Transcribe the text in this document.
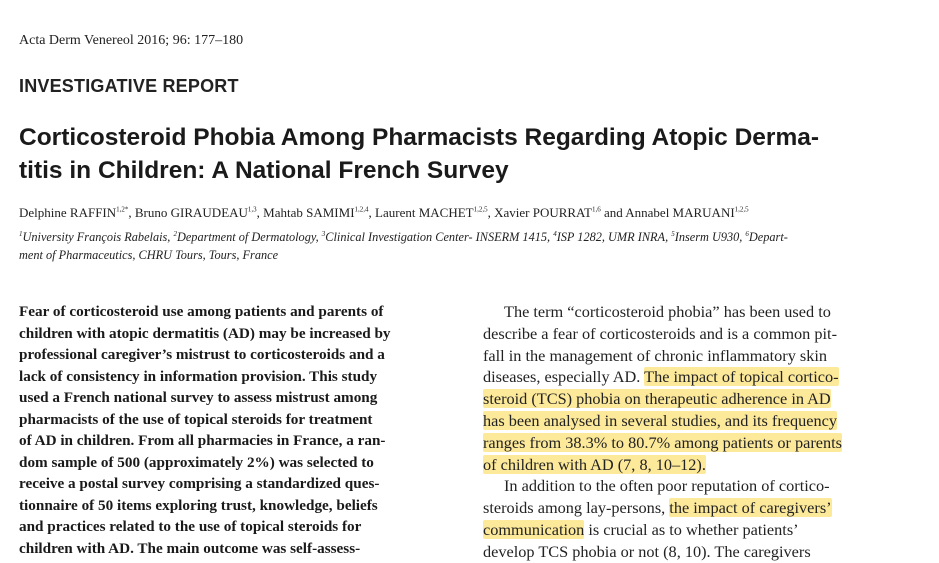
Acta Derm Venereol 2016; 96: 177–180
INVESTIGATIVE REPORT
Corticosteroid Phobia Among Pharmacists Regarding Atopic Derma-
titis in Children: A National French Survey
Delphine $RAFFIN^{1,2*}$, Bruno GIRAUDEAU$^{1,3}$, Mahtab SAMIMI$^{1,2,4}$, Laurent MACHET$^{1,2,5}$, Xavier POURRAT$^{1,6}$ and Annabel MARUANI$^{1,2,5}$
$^1$University François Rabelais, $^2$Department of Dermatology, $^3$Clinical Investigation Center- INSERM 1415, $^4$ISP 1282, UMR INRA, $^5$Inserm U930, $^6$Depart-
ment of Pharmaceutics, CHRU Tours, Tours, France
Fear of corticosteroid use among patients and parents of
children with atopic dermatitis (AD) may be increased by
professional caregiver’s mistrust to corticosteroids and a
lack of consistency in information provision. This study
used a French national survey to assess mistrust among
pharmacists of the use of topical steroids for treatment
of AD in children. From all pharmacies in France, a ran-
dom sample of 500 (approximately 2%) was selected to
receive a postal survey comprising a standardized ques-
tionnaire of 50 items exploring trust, knowledge, beliefs
and practices related to the use of topical steroids for
children with AD. The main outcome was self-assess-
The term “corticosteroid phobia” has been used to
describe a fear of corticosteroids and is a common pit-
fall in the management of chronic inflammatory skin
diseases, especially AD. The impact of topical cortico-
steroid (TCS) phobia on therapeutic adherence in AD
has been analysed in several studies, and its frequency
ranges from 38.3% to 80.7% among patients or parents
of children with AD (7, 8, 10–12).
In addition to the often poor reputation of cortico-
steroids among lay-persons, the impact of caregivers’
communication is crucial as to whether patients’
develop TCS phobia or not (8, 10). The caregivers
